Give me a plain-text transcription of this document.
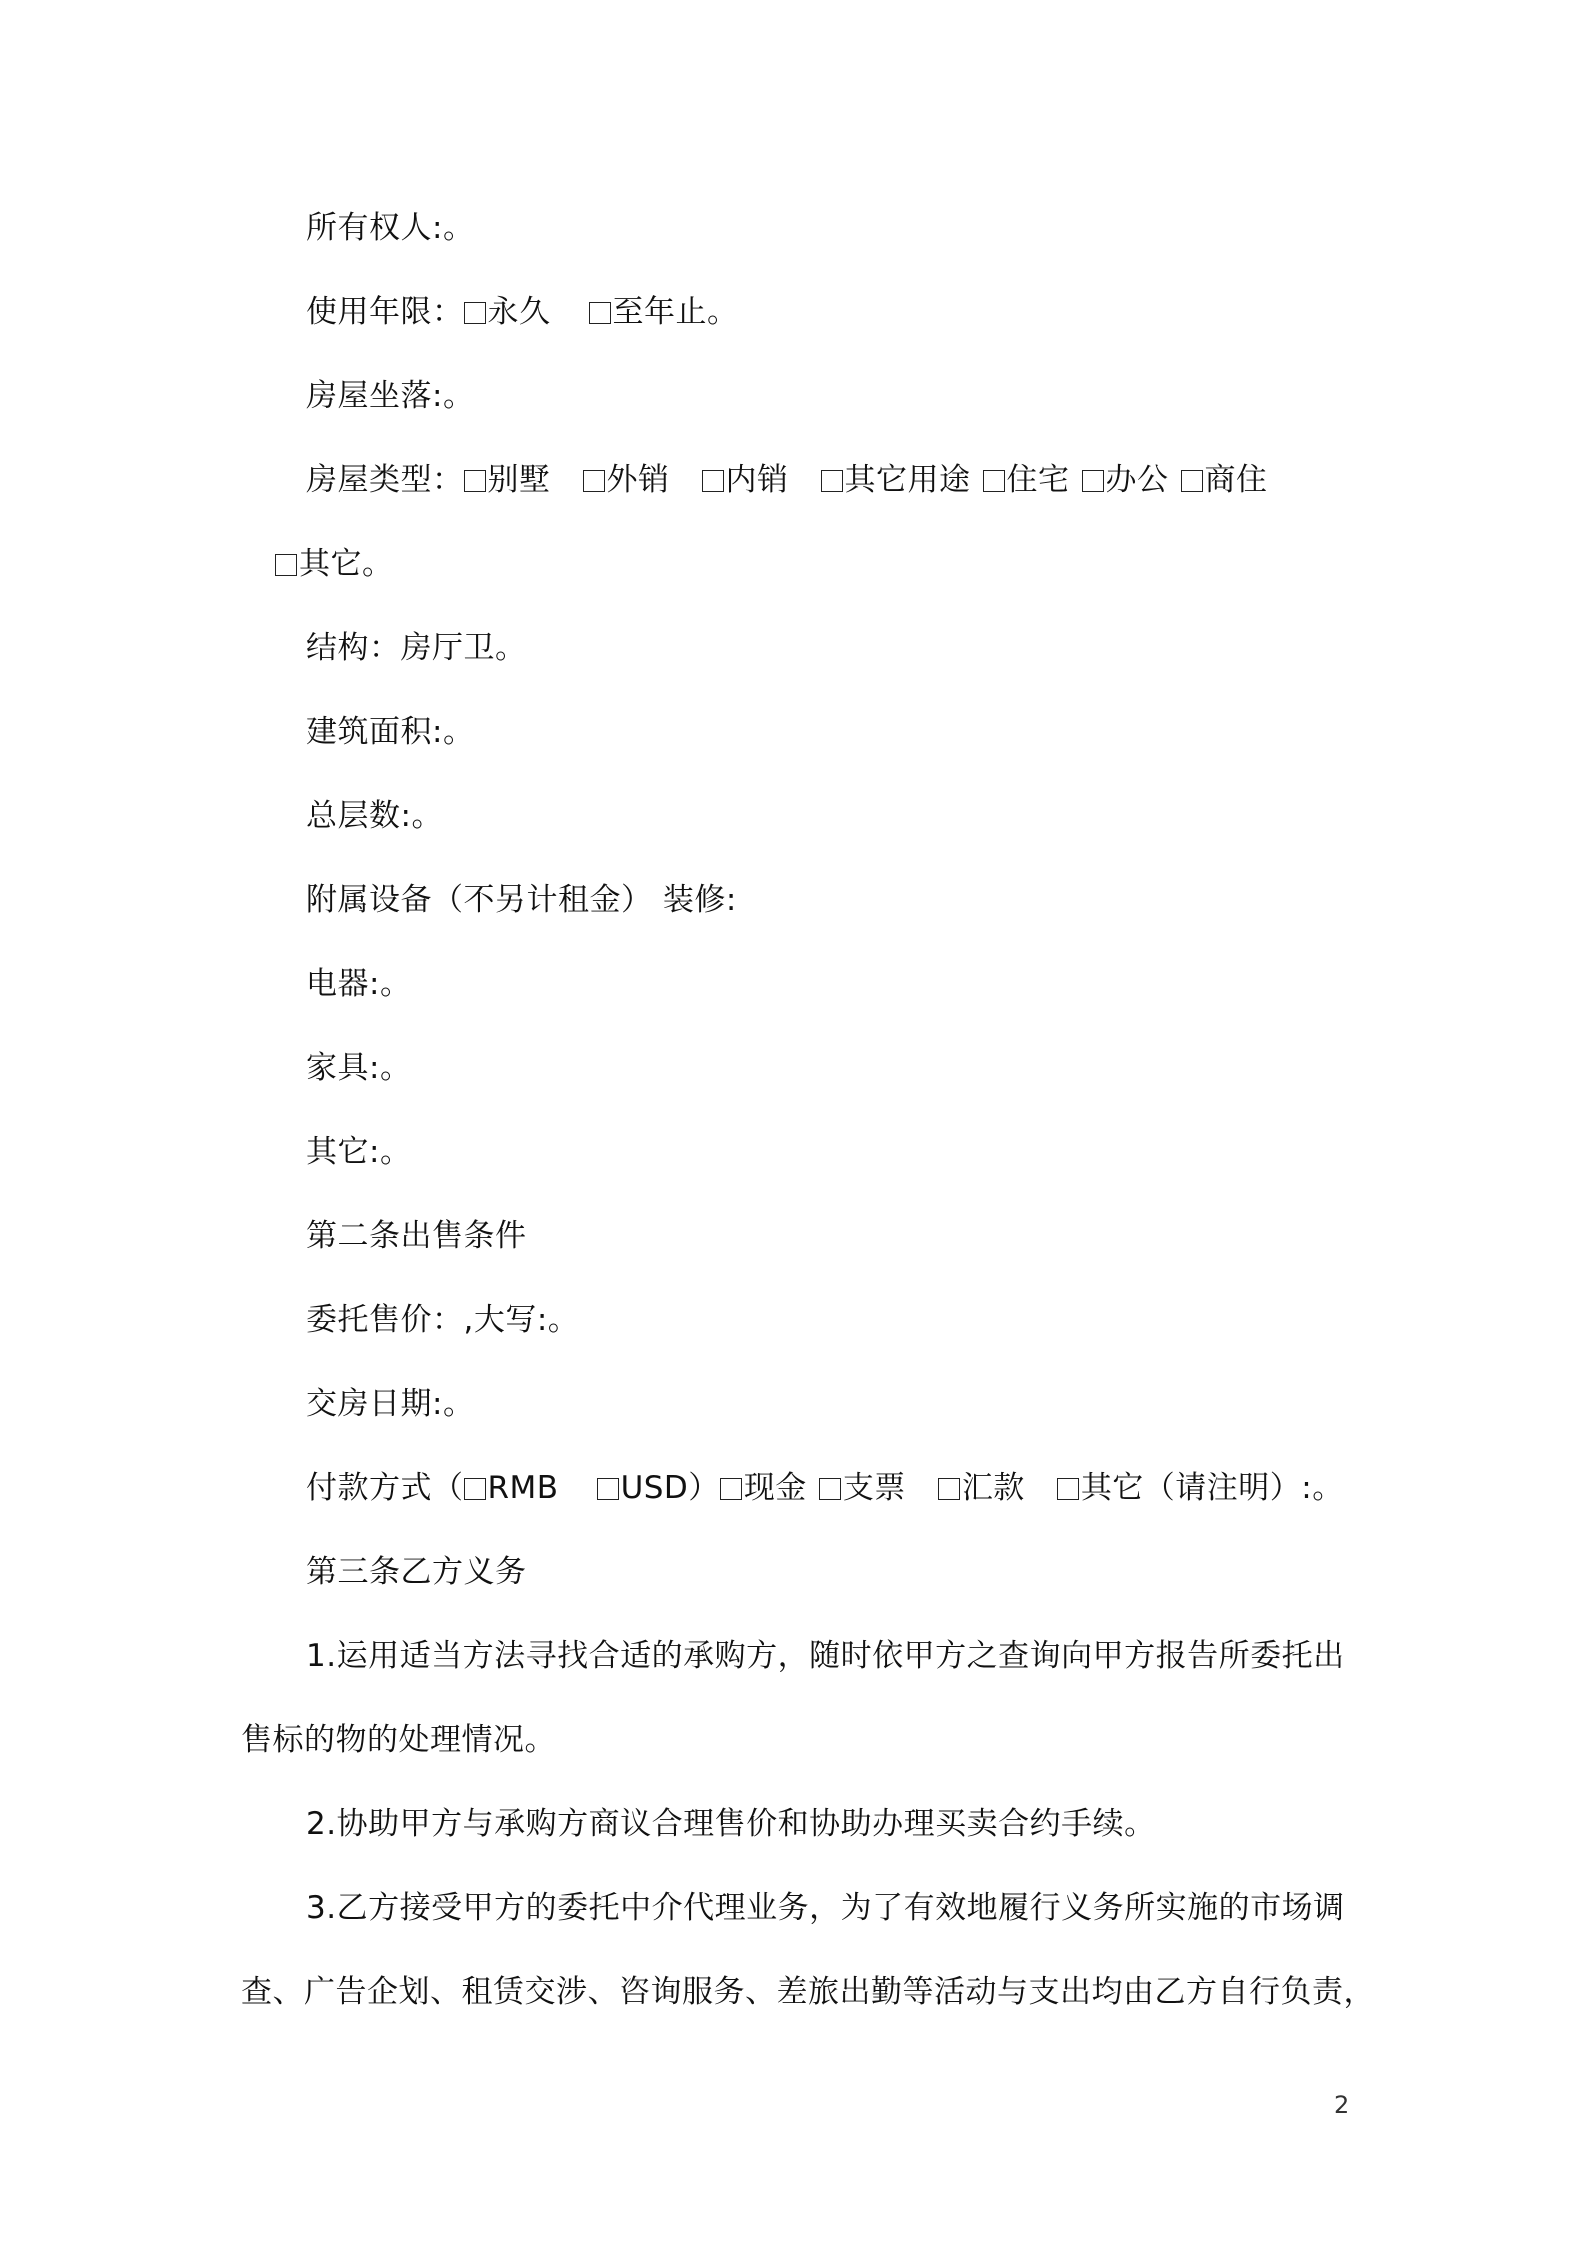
所有权人:。
使用年限： 永久 至年止。
房屋坐落:。
房屋类型： 别墅 外销 内销 其它用途 住宅 办公 商住
其它。
结构：房厅卫。
建筑面积:。
总层数:。
附属设备（不另计租金） 装修:
电器:。
家具:。
其它:。
第二条出售条件
委托售价：,大写:。
交房日期:。
付款方式（ RMB USD） 现金 支票 汇款 其它（请注明）:。
第三条乙方义务
1.运用适当方法寻找合适的承购方，随时依甲方之查询向甲方报告所委托出
售标的物的处理情况。
2.协助甲方与承购方商议合理售价和协助办理买卖合约手续。
3.乙方接受甲方的委托中介代理业务，为了有效地履行义务所实施的市场调
查、广告企划、租赁交涉、咨询服务、差旅出勤等活动与支出均由乙方自行负责，
2
